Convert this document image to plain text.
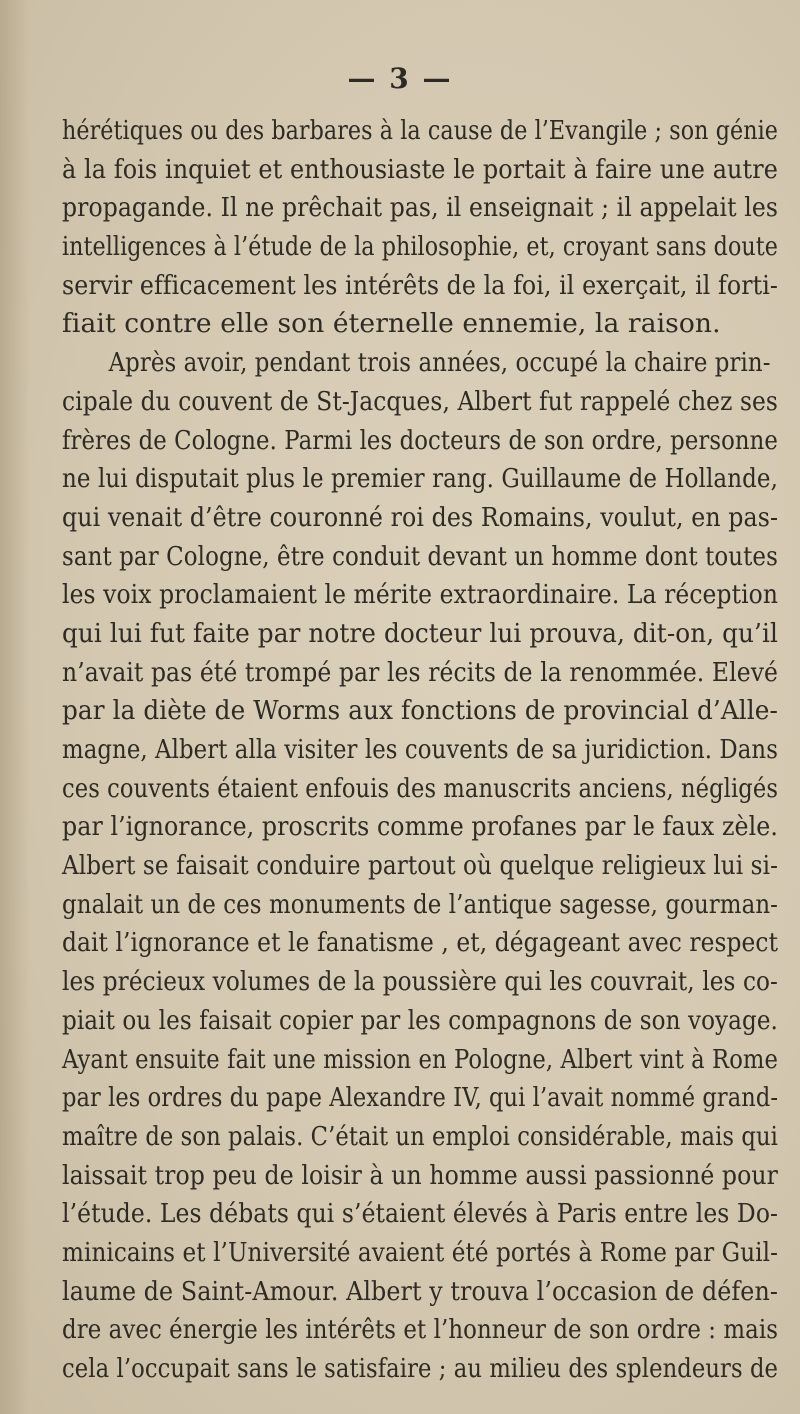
— 3 —
hérétiques ou des barbares à la cause de l’Evangile ; son génie
à la fois inquiet et enthousiaste le portait à faire une autre
propagande. Il ne prêchait pas, il enseignait ; il appelait les
intelligences à l’étude de la philosophie, et, croyant sans doute
servir efficacement les intérêts de la foi, il exerçait, il forti-
fiait contre elle son éternelle ennemie, la raison.
Après avoir, pendant trois années, occupé la chaire prin-
cipale du couvent de St-Jacques, Albert fut rappelé chez ses
frères de Cologne. Parmi les docteurs de son ordre, personne
ne lui disputait plus le premier rang. Guillaume de Hollande,
qui venait d’être couronné roi des Romains, voulut, en pas-
sant par Cologne, être conduit devant un homme dont toutes
les voix proclamaient le mérite extraordinaire. La réception
qui lui fut faite par notre docteur lui prouva, dit-on, qu’il
n’avait pas été trompé par les récits de la renommée. Elevé
par la diète de Worms aux fonctions de provincial d’Alle-
magne, Albert alla visiter les couvents de sa juridiction. Dans
ces couvents étaient enfouis des manuscrits anciens, négligés
par l’ignorance, proscrits comme profanes par le faux zèle.
Albert se faisait conduire partout où quelque religieux lui si-
gnalait un de ces monuments de l’antique sagesse, gourman-
dait l’ignorance et le fanatisme , et, dégageant avec respect
les précieux volumes de la poussière qui les couvrait, les co-
piait ou les faisait copier par les compagnons de son voyage.
Ayant ensuite fait une mission en Pologne, Albert vint à Rome
par les ordres du pape Alexandre IV, qui l’avait nommé grand-
maître de son palais. C’était un emploi considérable, mais qui
laissait trop peu de loisir à un homme aussi passionné pour
l’étude. Les débats qui s’étaient élevés à Paris entre les Do-
minicains et l’Université avaient été portés à Rome par Guil-
laume de Saint-Amour. Albert y trouva l’occasion de défen-
dre avec énergie les intérêts et l’honneur de son ordre : mais
cela l’occupait sans le satisfaire ; au milieu des splendeurs de
